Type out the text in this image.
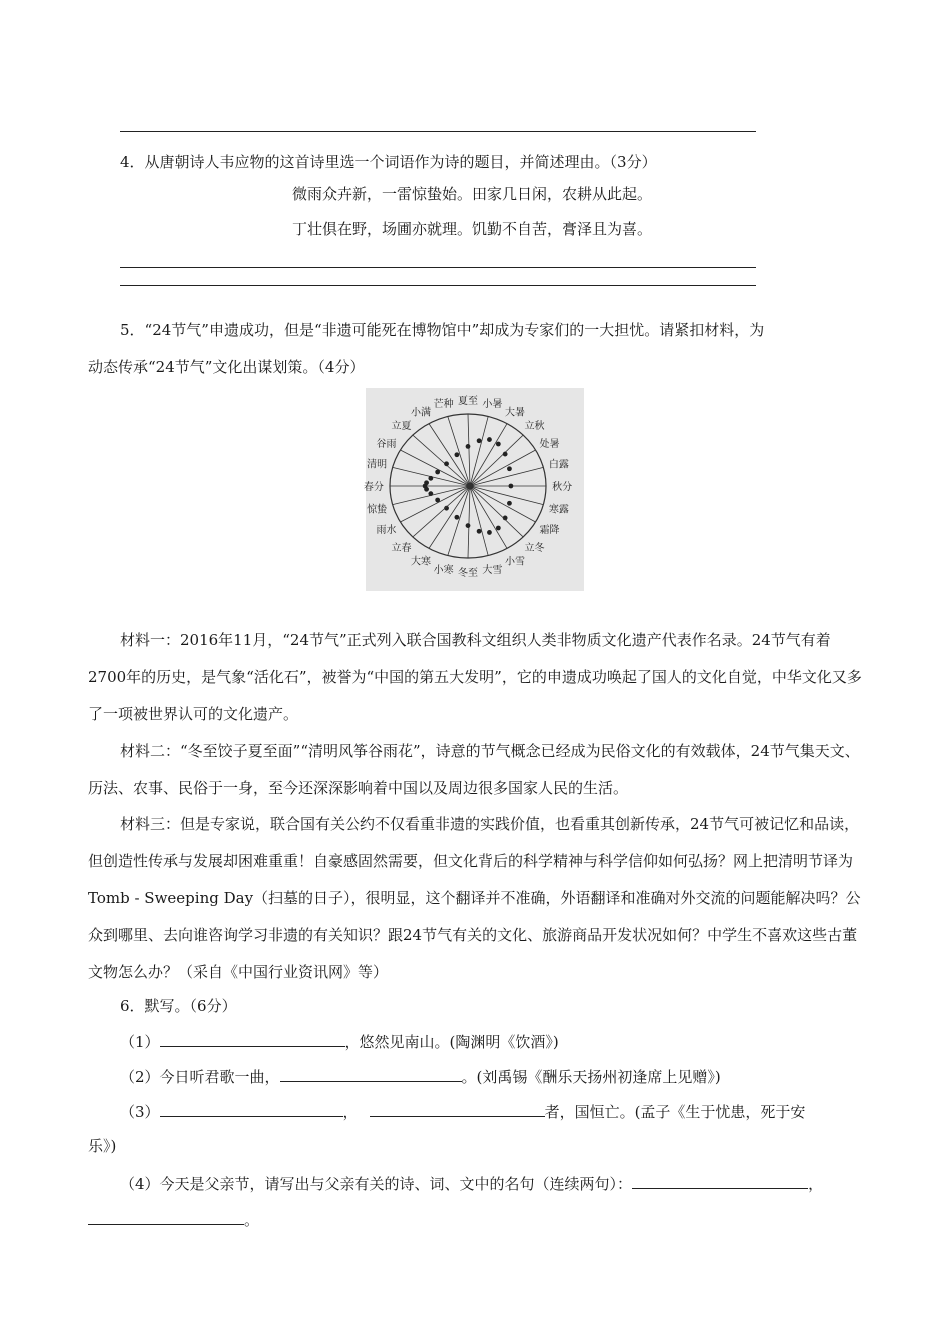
4．从唐朝诗人韦应物的这首诗里选一个词语作为诗的题目，并简述理由。（3分）
微雨众卉新，一雷惊蛰始。田家几日闲，农耕从此起。
丁壮俱在野，场圃亦就理。饥勤不自苦，膏泽且为喜。
5．“24节气”申遗成功，但是“非遗可能死在博物馆中”却成为专家们的一大担忧。请紧扣材料，为
动态传承“24节气”文化出谋划策。（4分）
夏至 小暑
大暑
立秋
处暑
白露
秋分
寒露
霜降
立冬
小雪
大雪
冬至
小寒
大寒
立春
雨水
惊蛰
春分
清明
谷雨
立夏
小满
芒种
材料一：2016年11月，“24节气”正式列入联合国教科文组织人类非物质文化遗产代表作名录。24节气有着2700年的历史，是气象“活化石”，被誉为“中国的第五大发明”，它的申遗成功唤起了国人的文化自觉，中华文化又多了一项被世界认可的文化遗产。
材料二：“冬至饺子夏至面”“清明风筝谷雨花”，诗意的节气概念已经成为民俗文化的有效载体，24节气集天文、历法、农事、民俗于一身，至今还深深影响着中国以及周边很多国家人民的生活。
材料三：但是专家说，联合国有关公约不仅看重非遗的实践价值，也看重其创新传承，24节气可被记忆和品读，但创造性传承与发展却困难重重！自豪感固然需要，但文化背后的科学精神与科学信仰如何弘扬？网上把清明节译为Tomb - Sweeping Day（扫墓的日子），很明显，这个翻译并不准确，外语翻译和准确对外交流的问题能解决吗？公众到哪里、去向谁咨询学习非遗的有关知识？跟24节气有关的文化、旅游商品开发状况如何？中学生不喜欢这些古董文物怎么办？（采自《中国行业资讯网》等）
6．默写。（6分）
（1）	，悠然见南山。(陶渊明《饮酒》)
（2）今日听君歌一曲，	。(刘禹锡《酬乐天扬州初逢席上见赠》)
（3）	，	者，国恒亡。(孟子《生于忧患，死于安
乐》)
（4）今天是父亲节，请写出与父亲有关的诗、词、文中的名句（连续两句）：	，
。
